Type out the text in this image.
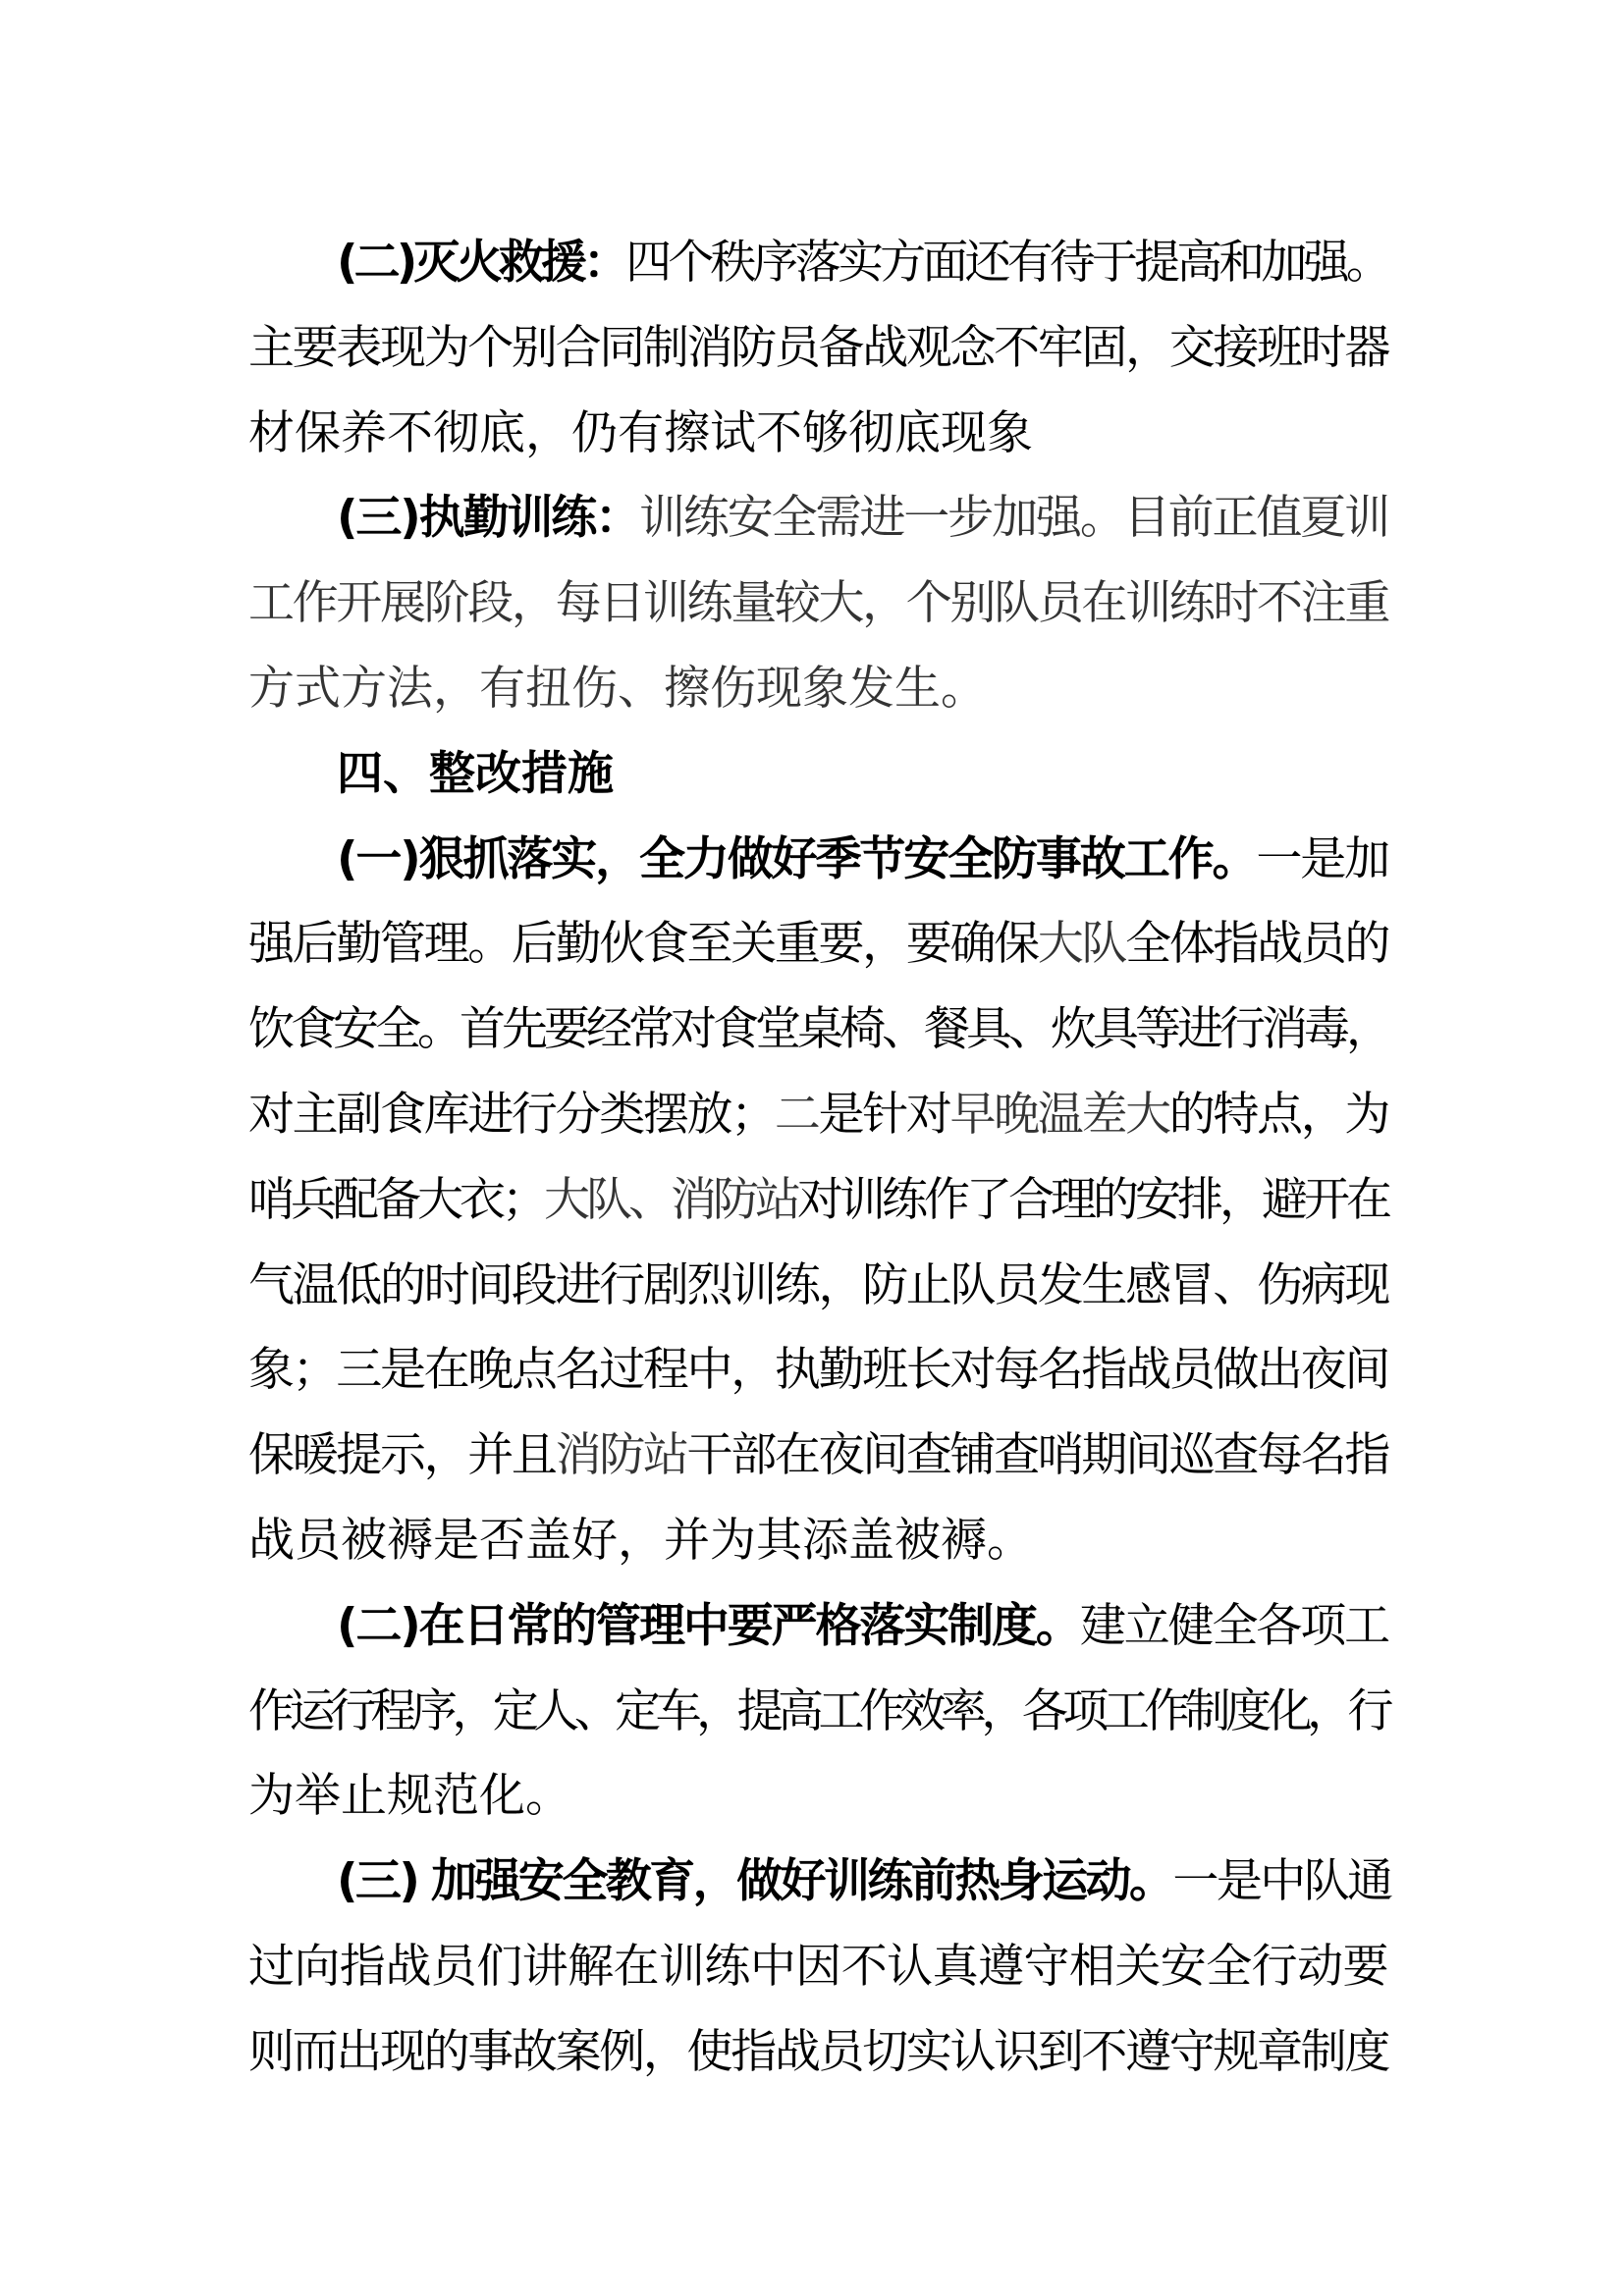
(二)灭火救援：四个秩序落实方面还有待于提高和加强。
主要表现为个别合同制消防员备战观念不牢固，交接班时器
材保养不彻底，仍有擦试不够彻底现象
(三)执勤训练：训练安全需进一步加强。目前正值夏训
工作开展阶段，每日训练量较大，个别队员在训练时不注重
方式方法，有扭伤、擦伤现象发生。
四、整改措施
(一)狠抓落实，全力做好季节安全防事故工作。一是加
强后勤管理。后勤伙食至关重要，要确保大队全体指战员的
饮食安全。首先要经常对食堂桌椅、餐具、炊具等进行消毒，
对主副食库进行分类摆放；二是针对早晚温差大的特点，为
哨兵配备大衣；大队、消防站对训练作了合理的安排，避开在
气温低的时间段进行剧烈训练，防止队员发生感冒、伤病现
象；三是在晚点名过程中，执勤班长对每名指战员做出夜间
保暖提示，并且消防站干部在夜间查铺查哨期间巡查每名指
战员被褥是否盖好，并为其添盖被褥。
(二)在日常的管理中要严格落实制度。建立健全各项工
作运行程序，定人、定车，提高工作效率，各项工作制度化，行
为举止规范化。
(三) 加强安全教育，做好训练前热身运动。一是中队通
过向指战员们讲解在训练中因不认真遵守相关安全行动要
则而出现的事故案例，使指战员切实认识到不遵守规章制度
